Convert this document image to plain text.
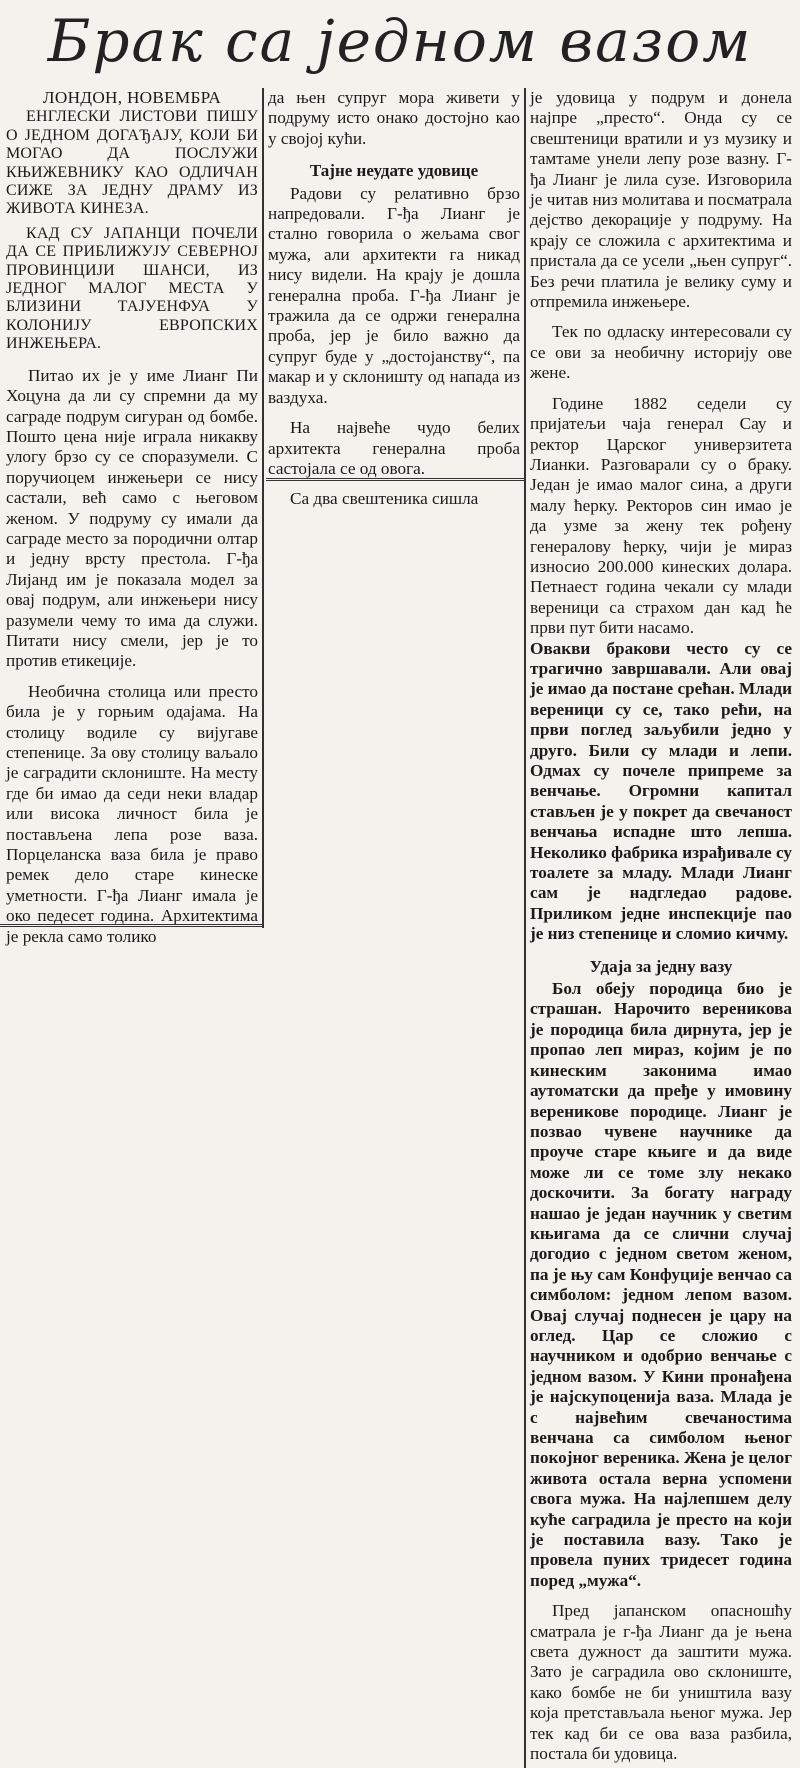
Брак са једном вазом
ЛОНДОН, НОВЕМБРА

ЕНГЛЕСКИ ЛИСТОВИ ПИШУ О ЈЕДНОМ ДОГАЂАЈУ, КОЈИ БИ МОГАО ДА ПОСЛУЖИ КЊИЖЕВНИКУ КАО ОДЛИЧАН СИЖЕ ЗА ЈЕДНУ ДРАМУ ИЗ ЖИВОТА КИНЕЗА.

КАД СУ ЈАПАНЦИ ПОЧЕЛИ ДА СЕ ПРИБЛИЖУЈУ СЕВЕРНОЈ ПРОВИНЦИЈИ ШАНСИ, ИЗ ЈЕДНОГ МАЛОГ МЕСТА У БЛИЗИНИ ТАЈУЕНФУА У КОЛОНИЈУ ЕВРОПСКИХ ИНЖЕЊЕРА.

Питао их је у име Лианг Пи Хоцуна да ли су спремни да му саграде подрум сигуран од бомбе. Пошто цена није играла никакву улогу брзо су се споразумели. С поручиоцем инжењери се нису састали, већ само с његовом женом. У подруму су имали да саграде место за породични олтар и једну врсту престола. Г-ђа Лијанд им је показала модел за овај подрум, али инжењери нису разумели чему то има да служи. Питати нису смели, јер је то против етикеције.

Необична столица или престо била је у горњим одајама. На столицу водиле су вијугаве степенице. За ову столицу ваљало је саградити склониште. На месту где би имао да седи неки владар или висока личност била је постављена лепа розе ваза. Порцеланска ваза била је право ремек дело старе кинеске уметности. Г-ђа Лианг имала је око педесет година. Архитектима је рекла само толико

да њен супруг мора живети у подруму исто онако достојно као у својој кући.

Тајне неудате удовице

Радови су релативно брзо напредовали. Г-ђа Лианг је стално говорила о жељама свог мужа, али архитекти га никад нису видели. На крају је дошла генерална проба. Г-ђа Лианг је тражила да се одржи генерална проба, јер је било важно да супруг буде у „достојанству“, па макар и у склоништу од напада из ваздуха.

На највеће чудо белих архитекта генерална проба састојала се од овога.

Са два свештеника сишла

је удовица у подрум и донела најпре „престо“. Онда су се свештеници вратили и уз музику и тамтаме унели лепу розе вазну. Г-ђа Лианг је лила сузе. Изговорила је читав низ молитава и посматрала дејство декорације у подруму. На крају се сложила с архитектима и пристала да се усели „њен супруг“. Без речи платила је велику суму и отпремила инжењере.

Тек по одласку интересовали су се ови за необичну историју ове жене.

Године 1882 седели су пријатељи чаја генерал Сау и ректор Царског универзитета Лианки. Разговарали су о браку. Један је имао малог сина, а други малу ћерку. Ректоров син имао је да узме за жену тек рођену генералову ћерку, чији је мираз износио 200.000 кинеских долара. Петнаест година чекали су млади вереници са страхом дан кад ће први пут бити насамо.

Овакви бракови често су се трагично завршавали. Али овај је имао да постане срећан. Млади вереници су се, тако рећи, на први поглед заљубили једно у друго. Били су млади и лепи. Одмах су почеле припреме за венчање. Огромни капитал стављен је у покрет да свечаност венчања испадне што лепша. Неколико фабрика израђивале су тоалете за младу. Млади Лианг сам је надгледао радове. Приликом једне инспекције пао је низ степенице и сломио кичму.

Удаја за једну вазу

Бол обеју породица био је страшан. Нарочито вереникова је породица била дирнута, јер је пропао леп мираз, којим је по кинеским законима имао аутоматски да пређе у имовину верениковe породице. Лианг је позвао чувене научнике да проуче старе књиге и да виде може ли се томе злу некако доскочити. За богату награду нашао је један научник у светим књигама да се слични случај догодио с једном светом женом, па је њу сам Конфуције венчао са симболом: једном лепом вазом. Овај случај поднесен је цару на оглед. Цар се сложио с научником и одобрио венчање с једном вазом. У Кини пронађена је најскупоценија ваза. Млада је с највећим свечаностима венчана са симболом њеног покојног вереника. Жена је целог живота остала верна успомени свога мужа. На најлепшем делу куће саградила је престо на који је поставила вазу. Тако је провела пуних тридесет година поред „мужа“.

Пред јапанском опасношћу сматрала је г-ђа Лианг да је њена света дужност да заштити мужа. Зато је саградила ово склониште, како бомбе не би уништила вазу која претстављала њеног мужа. Јер тек кад би се ова ваза разбила, постала би удовица.
